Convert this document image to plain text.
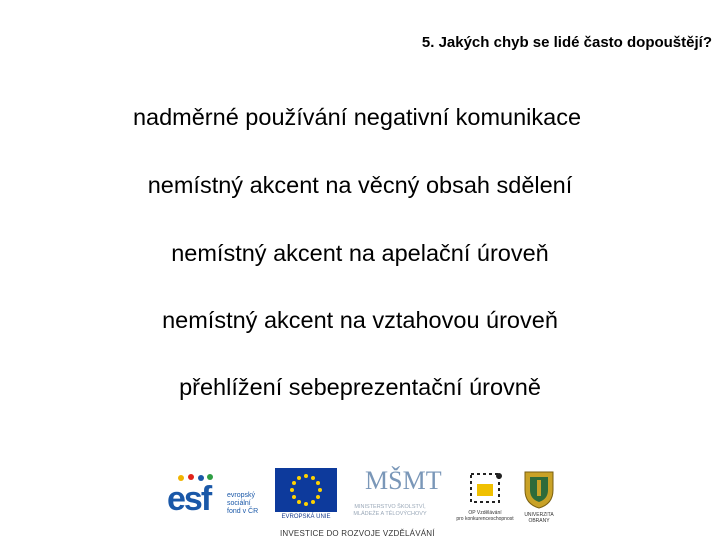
5. Jakých chyb se lidé často dopouštějí?
nadměrné používání negativní komunikace
nemístný akcent na věcný obsah sdělení
nemístný akcent na apelační úroveň
nemístný akcent na vztahovou úroveň
přehlížení sebeprezentační úrovně
esf evropský
sociální
fond v ČR
EVROPSKÁ UNIE
MŠMT
MINISTERSTVO ŠKOLSTVÍ,
MLÁDEŽE A TĚLOVÝCHOVY	OP Vzdělávání
pro konkurenceschopnost
UNIVERZITA
OBRANY
INVESTICE DO ROZVOJE VZDĚLÁVÁNÍ
